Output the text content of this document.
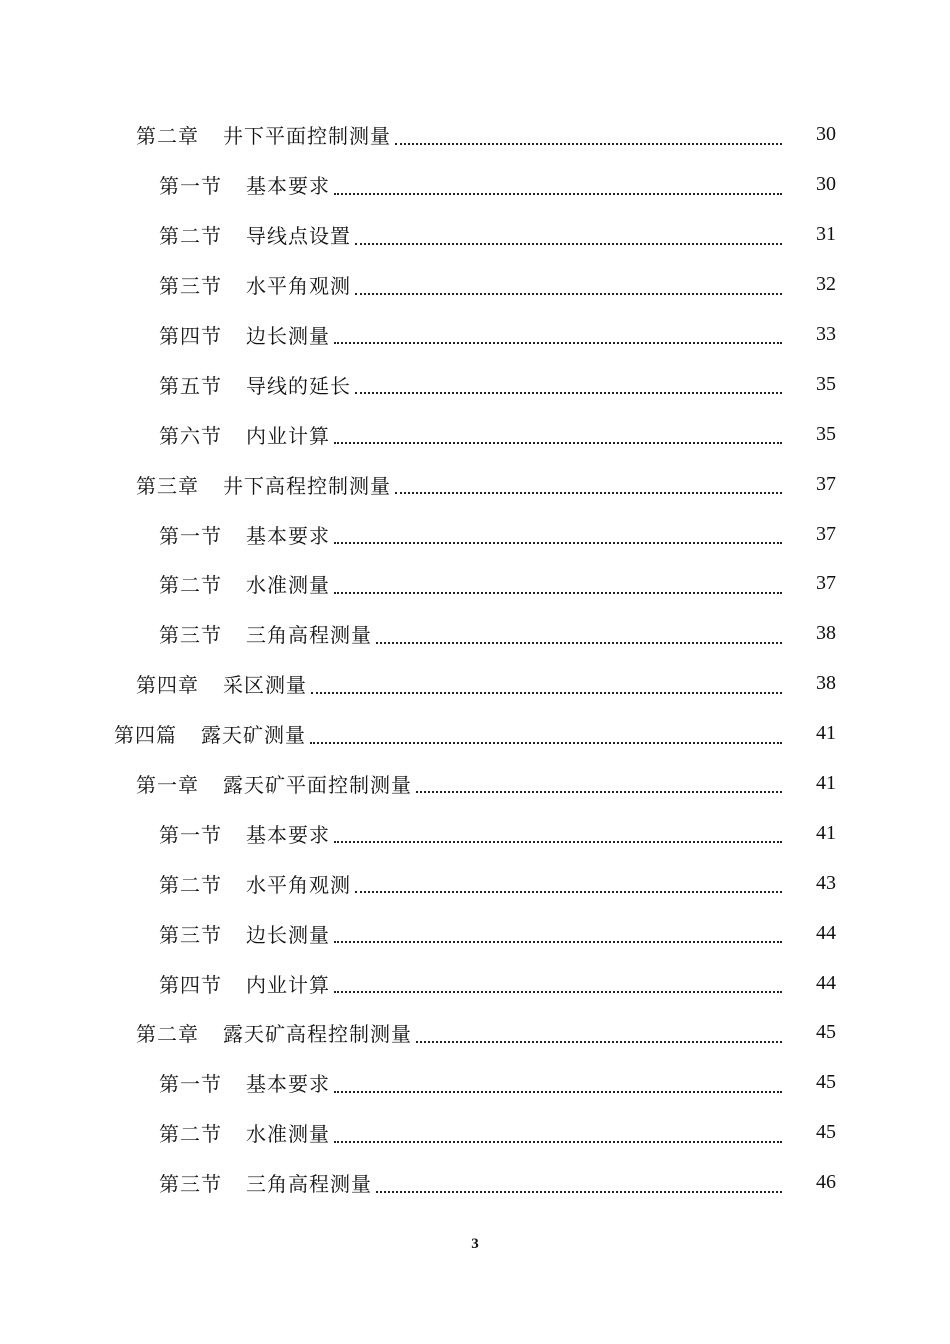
第二章 井下平面控制测量	30
第一节 基本要求	30
第二节 导线点设置	31
第三节 水平角观测	32
第四节 边长测量	33
第五节 导线的延长	35
第六节 内业计算	35
第三章 井下高程控制测量	37
第一节 基本要求	37
第二节 水准测量	37
第三节 三角高程测量	38
第四章 采区测量	38
第四篇 露天矿测量	41
第一章 露天矿平面控制测量	41
第一节 基本要求	41
第二节 水平角观测	43
第三节 边长测量	44
第四节 内业计算	44
第二章 露天矿高程控制测量	45
第一节 基本要求	45
第二节 水准测量	45
第三节 三角高程测量	46
3
